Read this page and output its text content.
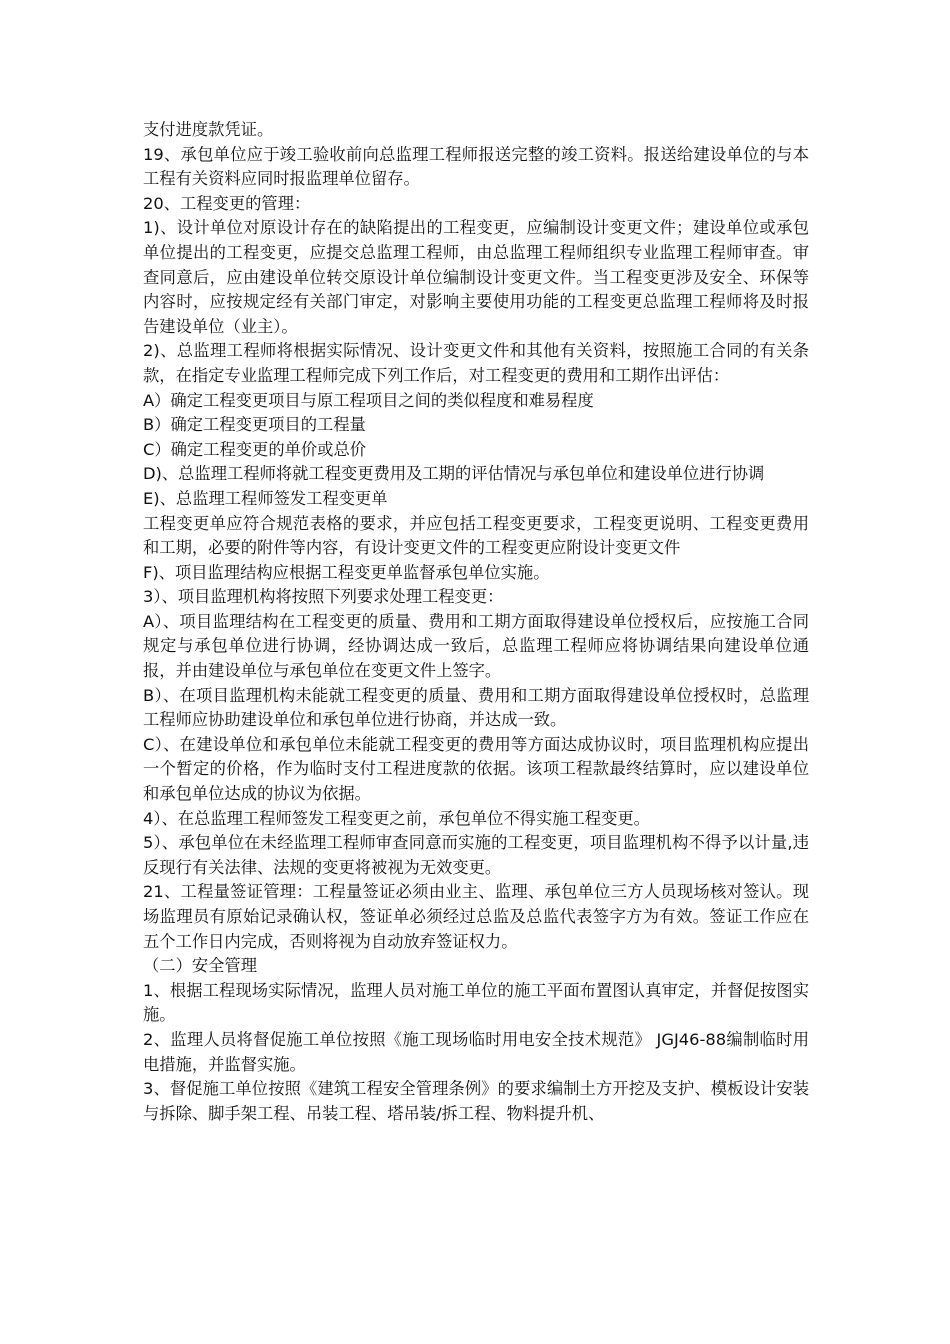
支付进度款凭证。

19、承包单位应于竣工验收前向总监理工程师报送完整的竣工资料。报送给建设单位的与本工程有关资料应同时报监理单位留存。

20、工程变更的管理：

1)、设计单位对原设计存在的缺陷提出的工程变更，应编制设计变更文件；建设单位或承包单位提出的工程变更，应提交总监理工程师，由总监理工程师组织专业监理工程师审查。审查同意后，应由建设单位转交原设计单位编制设计变更文件。当工程变更涉及安全、环保等内容时，应按规定经有关部门审定，对影响主要使用功能的工程变更总监理工程师将及时报告建设单位（业主）。

2)、总监理工程师将根据实际情况、设计变更文件和其他有关资料，按照施工合同的有关条款，在指定专业监理工程师完成下列工作后，对工程变更的费用和工期作出评估：

A）确定工程变更项目与原工程项目之间的类似程度和难易程度

B）确定工程变更项目的工程量

C）确定工程变更的单价或总价

D)、总监理工程师将就工程变更费用及工期的评估情况与承包单位和建设单位进行协调

E)、总监理工程师签发工程变更单

工程变更单应符合规范表格的要求，并应包括工程变更要求，工程变更说明、工程变更费用和工期，必要的附件等内容，有设计变更文件的工程变更应附设计变更文件

F)、项目监理结构应根据工程变更单监督承包单位实施。

3）、项目监理机构将按照下列要求处理工程变更：

A）、项目监理结构在工程变更的质量、费用和工期方面取得建设单位授权后，应按施工合同规定与承包单位进行协调，经协调达成一致后，总监理工程师应将协调结果向建设单位通报，并由建设单位与承包单位在变更文件上签字。

B）、在项目监理机构未能就工程变更的质量、费用和工期方面取得建设单位授权时，总监理工程师应协助建设单位和承包单位进行协商，并达成一致。

C）、在建设单位和承包单位未能就工程变更的费用等方面达成协议时，项目监理机构应提出一个暂定的价格，作为临时支付工程进度款的依据。该项工程款最终结算时，应以建设单位和承包单位达成的协议为依据。

4）、在总监理工程师签发工程变更之前，承包单位不得实施工程变更。

5）、承包单位在未经监理工程师审查同意而实施的工程变更，项目监理机构不得予以计量,违反现行有关法律、法规的变更将被视为无效变更。

21、工程量签证管理：工程量签证必须由业主、监理、承包单位三方人员现场核对签认。现场监理员有原始记录确认权，签证单必须经过总监及总监代表签字方为有效。签证工作应在五个工作日内完成，否则将视为自动放弃签证权力。

（二）安全管理

1、根据工程现场实际情况，监理人员对施工单位的施工平面布置图认真审定，并督促按图实施。

2、监理人员将督促施工单位按照《施工现场临时用电安全技术规范》 JGJ46-88编制临时用电措施，并监督实施。

3、督促施工单位按照《建筑工程安全管理条例》的要求编制土方开挖及支护、模板设计安装与拆除、脚手架工程、吊装工程、塔吊装/拆工程、物料提升机、
